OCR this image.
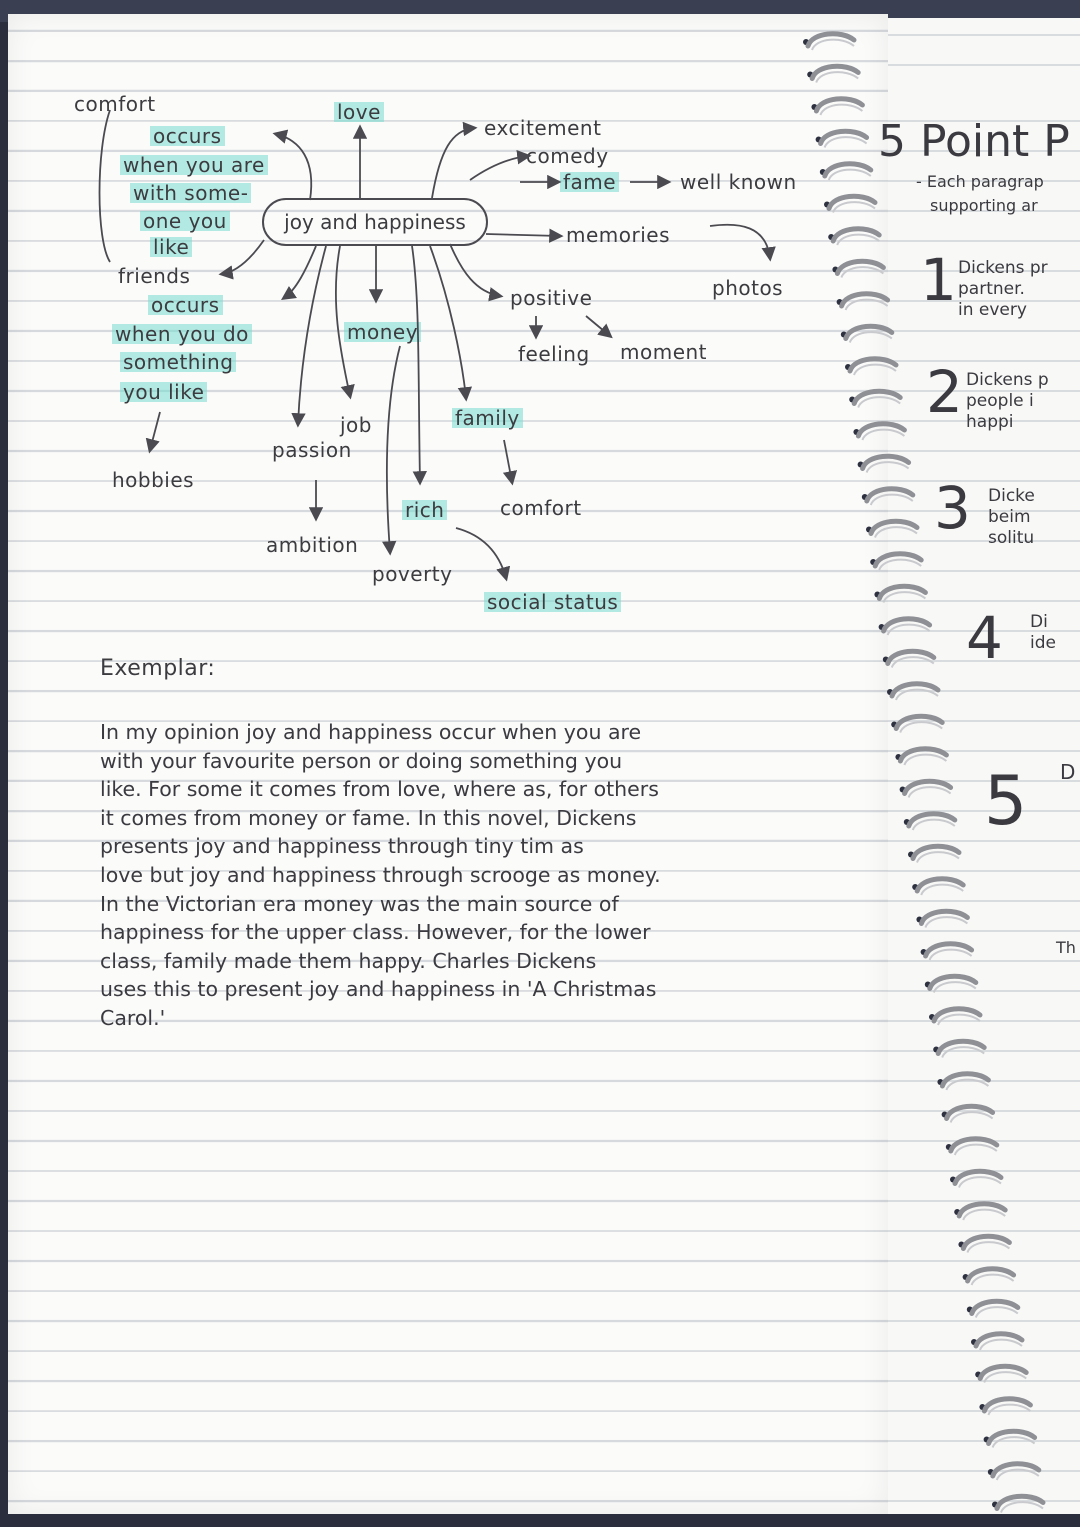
joy and happiness
comfort	love
occurs
when you are
with some-
one you
like
friends
occurs
when you do
something
you like
hobbies
money
job
passion
ambition
rich
poverty
family
comfort
social status
excitement
comedy
fame	well known
memories
photos
positive
feeling moment
Exemplar:
In my opinion joy and happiness occur when you are
with your favourite person or doing something you
like. For some it comes from love, where as, for others
it comes from money or fame. In this novel, Dickens
presents joy and happiness through tiny tim as
love but joy and happiness through scrooge as money.
In the Victorian era money was the main source of
happiness for the upper class. However, for the lower
class, family made them happy. Charles Dickens
uses this to present joy and happiness in 'A Christmas
Carol.'
5 Point P
- Each paragrap
supporting ar
1 Dickens pr
partner.
in every
2 Dickens p
people i
happi
3 Dicke
beim
solitu
4 Di
ide
5 D
Th
